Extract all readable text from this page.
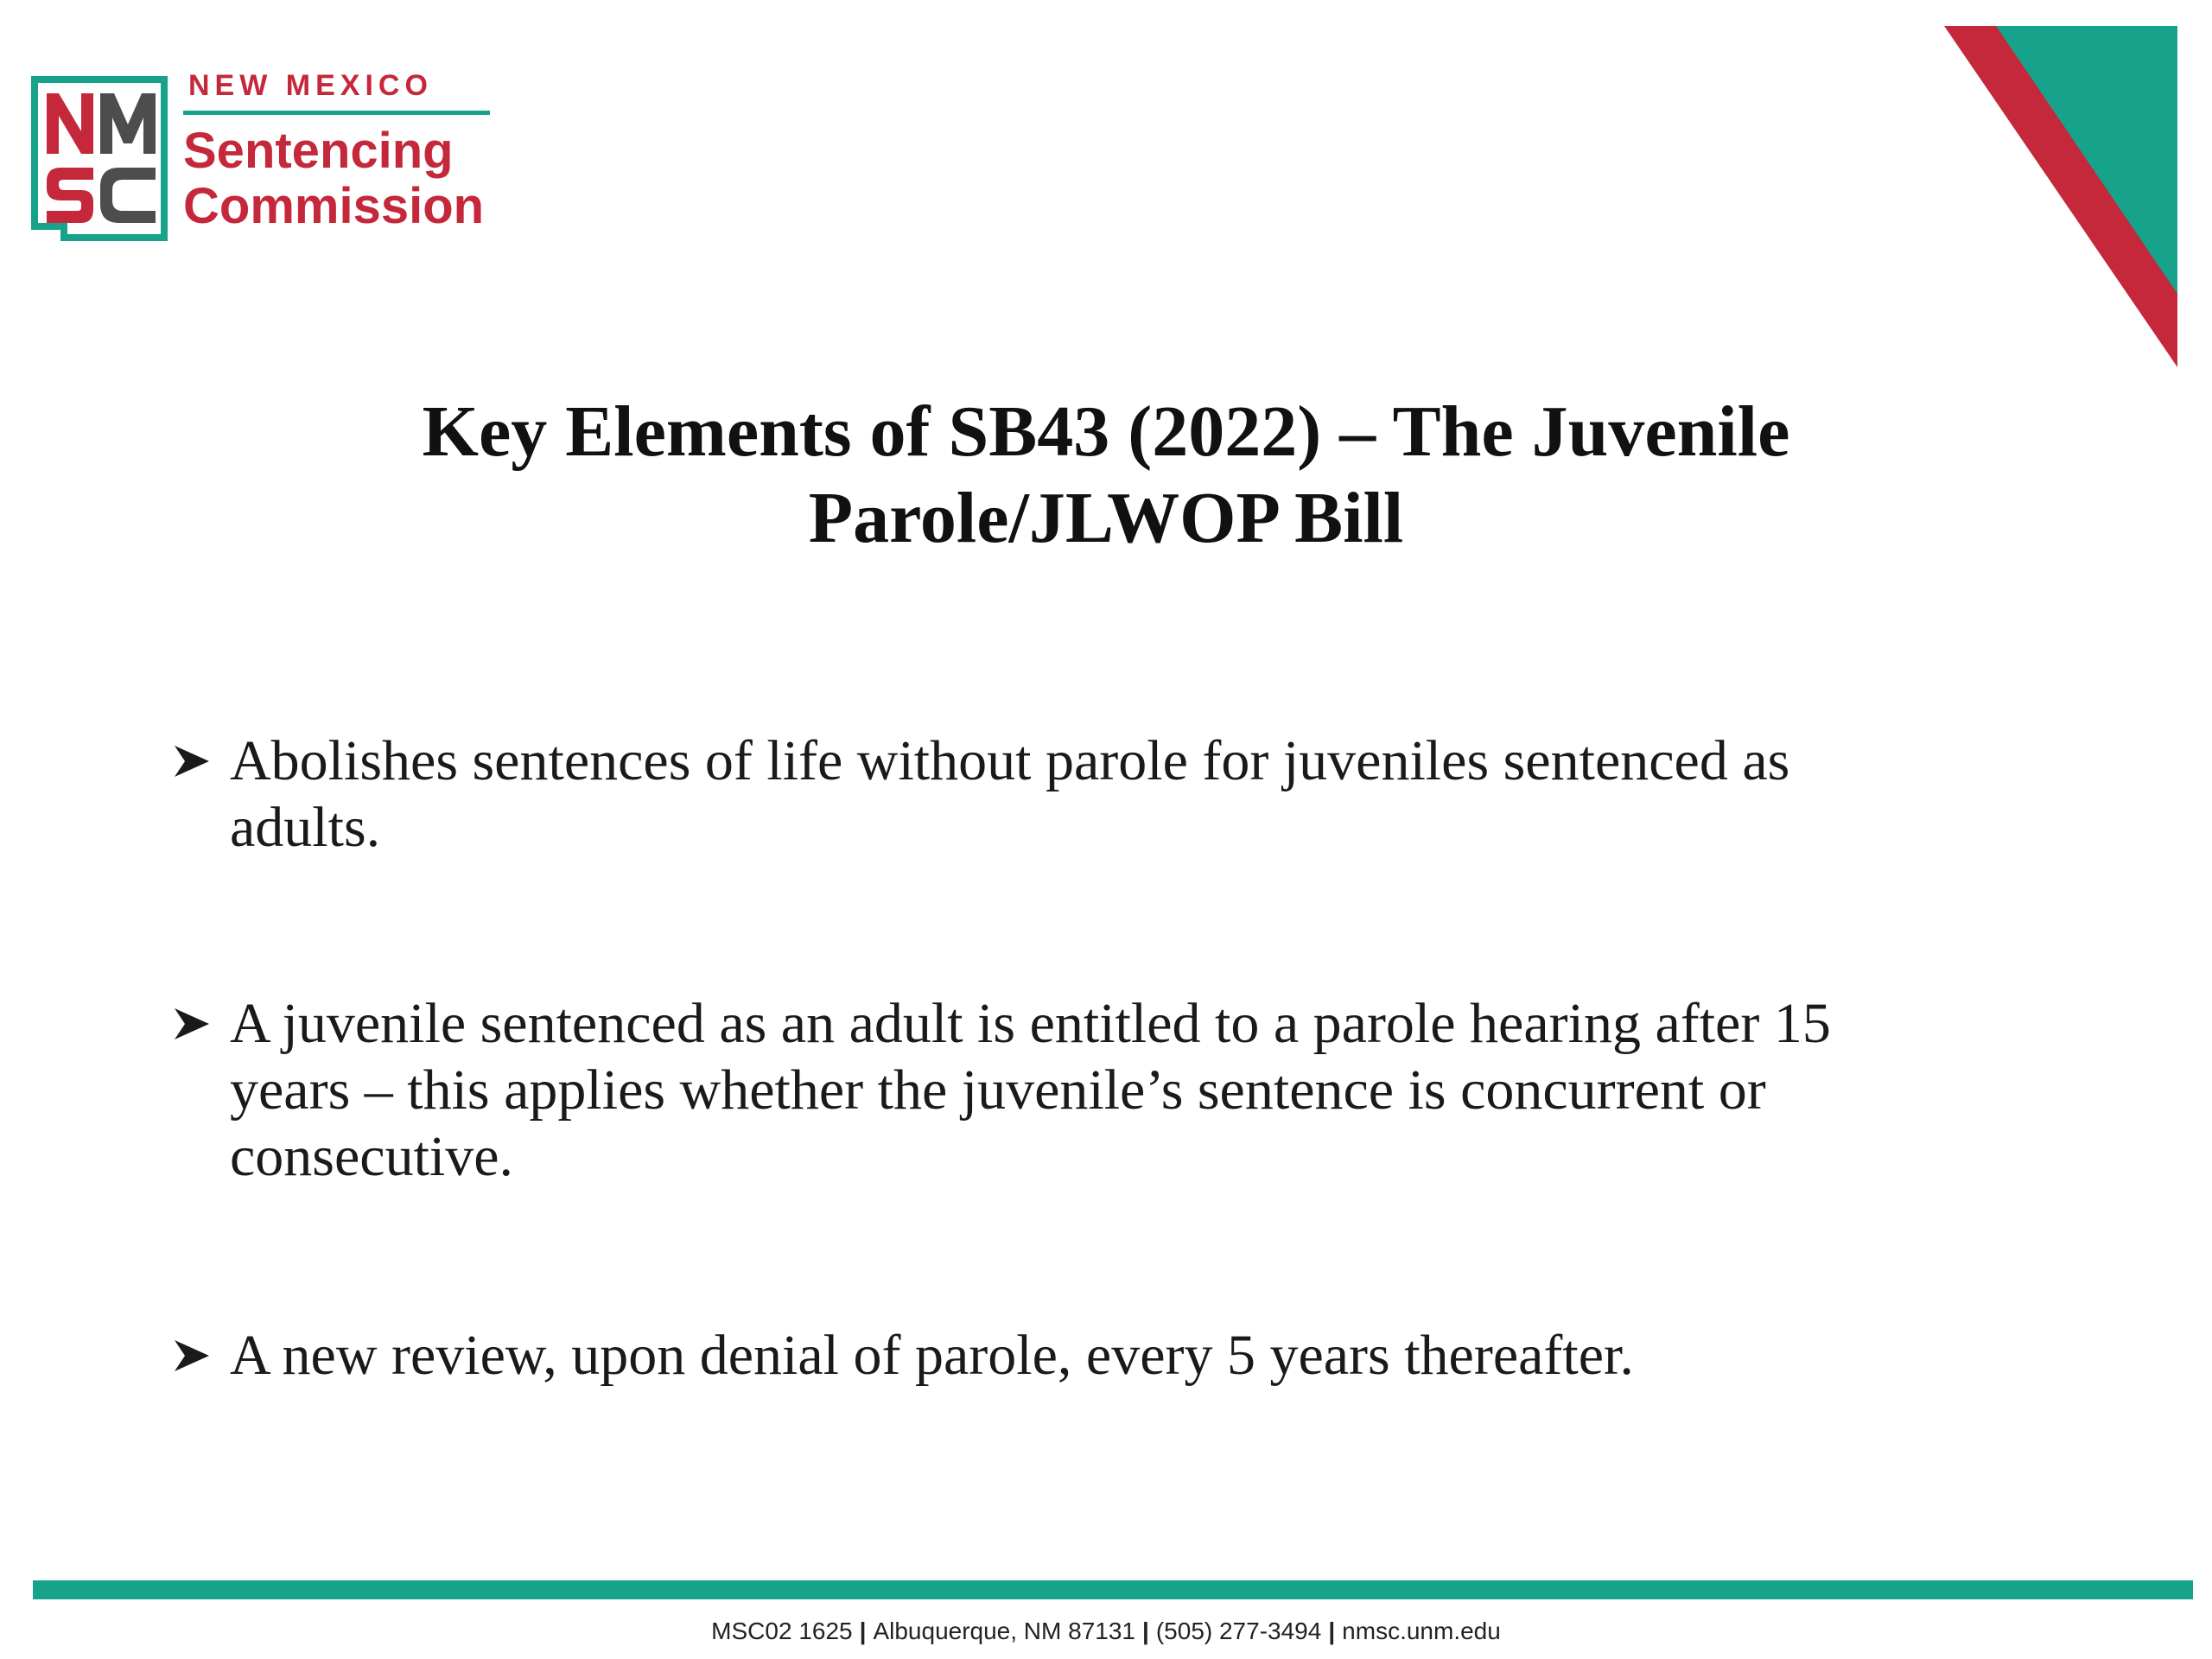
NEW MEXICO
Sentencing
Commission
Key Elements of SB43 (2022) – The Juvenile
Parole/JLWOP Bill
Abolishes sentences of life without parole for juveniles sentenced as adults.
A juvenile sentenced as an adult is entitled to a parole hearing after 15 years – this applies whether the juvenile’s sentence is concurrent or consecutive.
A new review, upon denial of parole, every 5 years thereafter.
MSC02 1625 | Albuquerque, NM 87131 | (505) 277-3494 | nmsc.unm.edu
